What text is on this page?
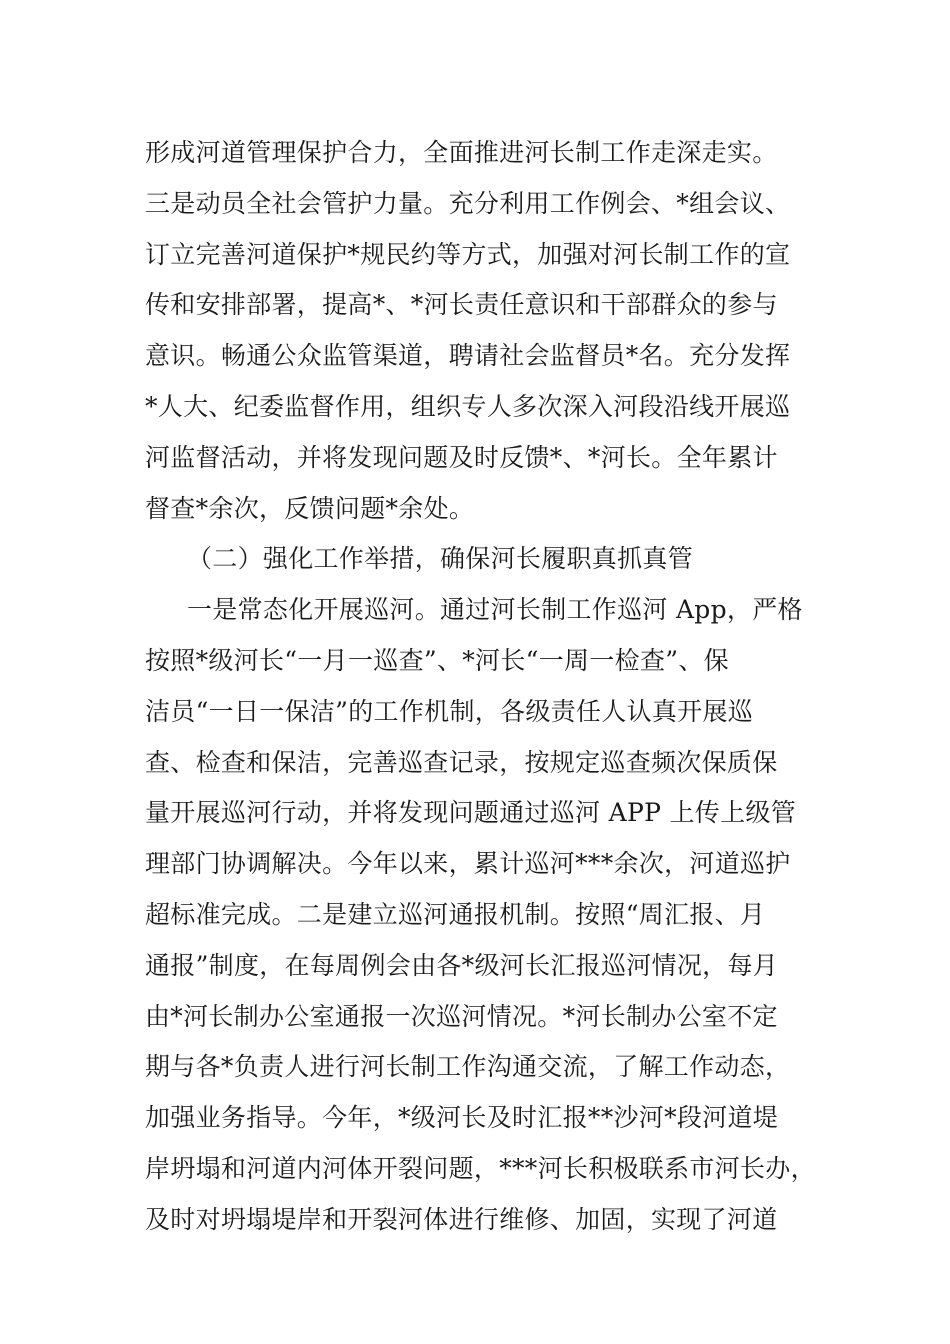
形成河道管理保护合力，全面推进河长制工作走深走实。
三是动员全社会管护力量。充分利用工作例会、*组会议、
订立完善河道保护*规民约等方式，加强对河长制工作的宣
传和安排部署，提高*、*河长责任意识和干部群众的参与
意识。畅通公众监管渠道，聘请社会监督员*名。充分发挥
*人大、纪委监督作用，组织专人多次深入河段沿线开展巡
河监督活动，并将发现问题及时反馈*、*河长。全年累计
督查*余次，反馈问题*余处。
（二）强化工作举措，确保河长履职真抓真管
一是常态化开展巡河。通过河长制工作巡河 App，严格
按照*级河长“一月一巡查”、*河长“一周一检查”、保
洁员“一日一保洁”的工作机制，各级责任人认真开展巡
查、检查和保洁，完善巡查记录，按规定巡查频次保质保
量开展巡河行动，并将发现问题通过巡河 APP 上传上级管
理部门协调解决。今年以来，累计巡河***余次，河道巡护
超标准完成。二是建立巡河通报机制。按照“周汇报、月
通报”制度，在每周例会由各*级河长汇报巡河情况，每月
由*河长制办公室通报一次巡河情况。*河长制办公室不定
期与各*负责人进行河长制工作沟通交流，了解工作动态，
加强业务指导。今年，*级河长及时汇报**沙河*段河道堤
岸坍塌和河道内河体开裂问题，***河长积极联系市河长办，
及时对坍塌堤岸和开裂河体进行维修、加固，实现了河道
